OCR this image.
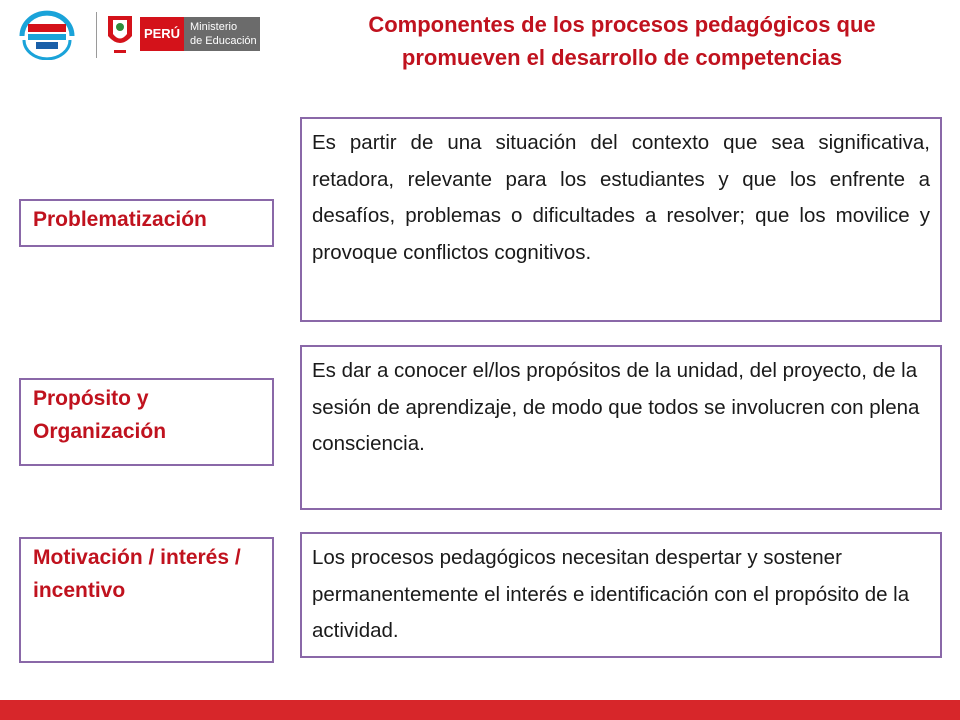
PERÚ Ministerio
de Educación
Componentes de los procesos pedagógicos que
promueven el desarrollo de competencias
Problematización
Es partir de una situación del contexto que sea significativa, retadora, relevante para los estudiantes y que los enfrente a desafíos, problemas o dificultades a resolver; que los movilice y provoque conflictos cognitivos.
Propósito y Organización
Es dar a conocer el/los propósitos de la unidad, del proyecto, de la sesión de aprendizaje, de modo que todos se involucren con plena consciencia.
Motivación / interés / incentivo
Los procesos pedagógicos necesitan despertar y sostener permanentemente el interés e identificación con el propósito de la actividad.
